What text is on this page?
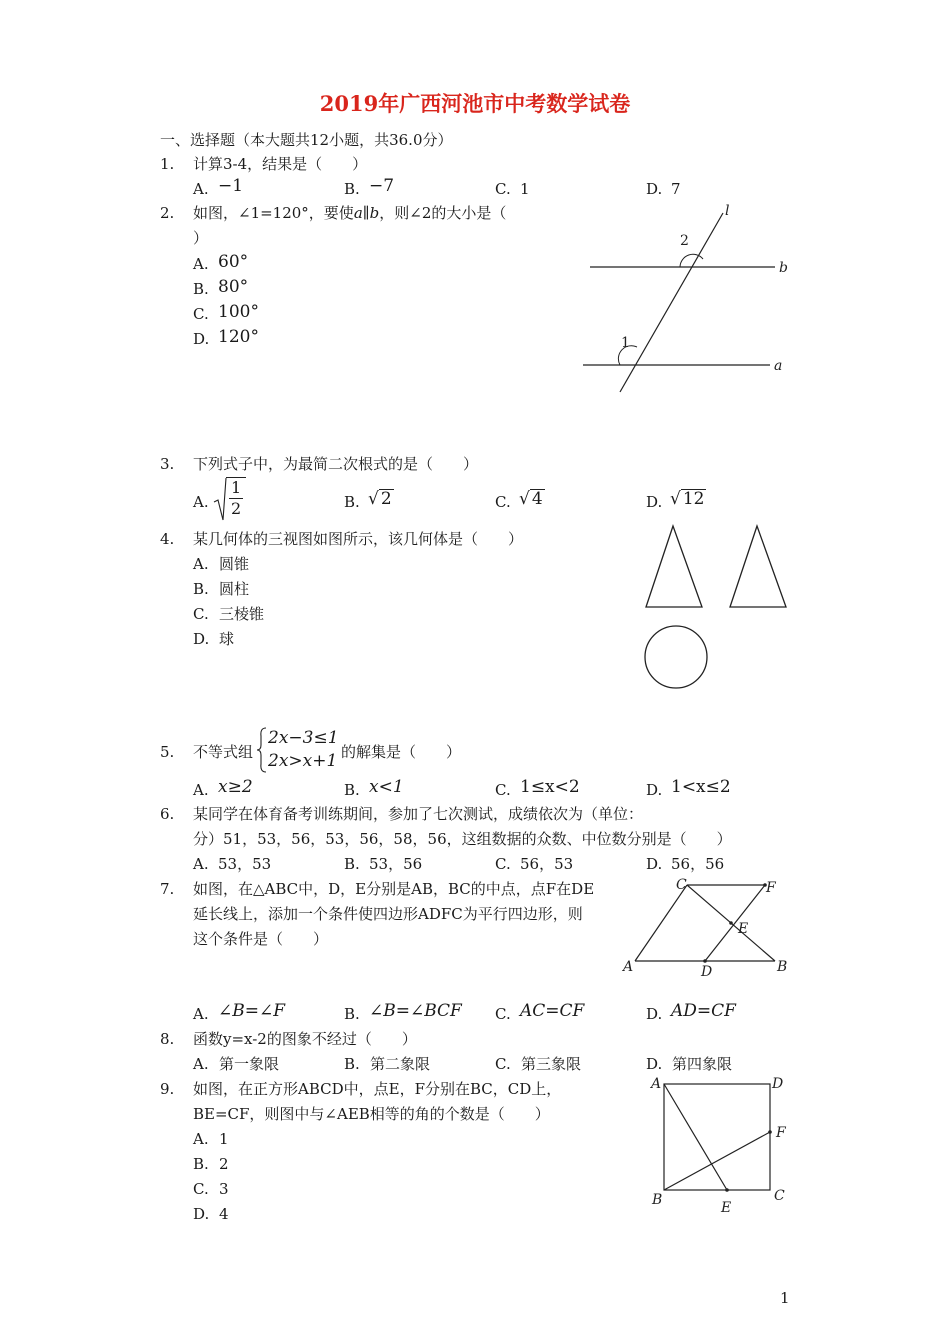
2019年广西河池市中考数学试卷
一、选择题（本大题共12小题，共36.0分）
1. 计算3-4，结果是（　　）
A. −1	B. −7	C. 1	D. 7
2. 如图，∠1=120°，要使a∥b，则∠2的大小是（
）
A. 60°
B. 80°
C. 100°
D. 120°
l
b
a
2
1
3. 下列式子中，为最简二次根式的是（　　）
A. $\frac{1}{2}$	B. √ 2	C. √ 4	D. √ 12
4. 某几何体的三视图如图所示，该几何体是（　　）
A. 圆锥
B. 圆柱
C. 三棱锥
D. 球
5. 不等式组
2x−3≤1
2x>x+1 的解集是（　　）
A. x≥2	B. x<1	C. 1≤x<2	D. 1<x≤2
6. 某同学在体育备考训练期间，参加了七次测试，成绩依次为（单位：
分）51，53，56，53，56，58，56，这组数据的众数、中位数分别是（　　）
A. 53，53	B. 53，56	C. 56，53	D. 56，56
7. 如图，在△ABC中，D，E分别是AB，BC的中点，点F在DE
延长线上，添加一个条件使四边形ADFC为平行四边形，则
这个条件是（　　）
A. ∠B=∠F	B. ∠B=∠BCF C. AC=CF	D. AD=CF
A	B
C
D
E
F
8. 函数y=x-2的图象不经过（　　）
A. 第一象限	B. 第二象限	C. 第三象限	D. 第四象限
9. 如图，在正方形ABCD中，点E，F分别在BC，CD上，
BE=CF，则图中与∠AEB相等的角的个数是（　　）
A. 1
B. 2
C. 3
D. 4
A	D
B	C
E
F
1
